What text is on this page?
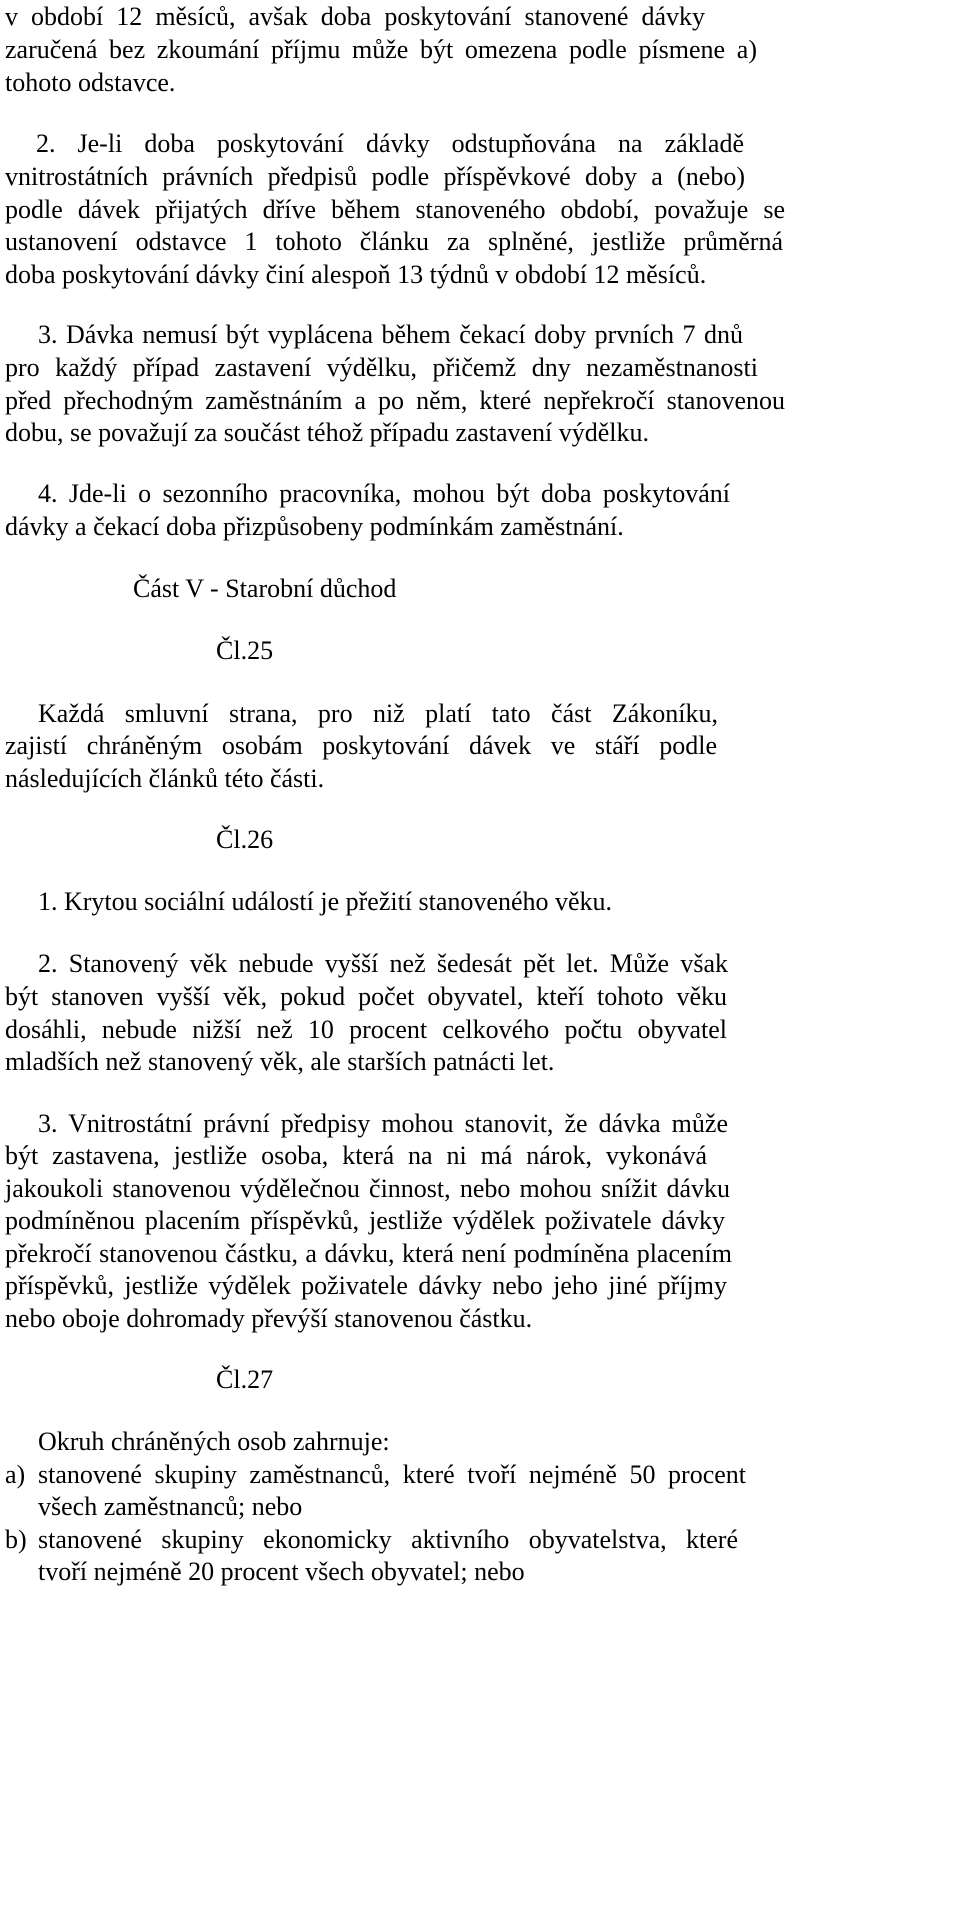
v období 12 měsíců, avšak doba poskytování stanovené dávky
zaručená bez zkoumání příjmu může být omezena podle písmene a)
tohoto odstavce.
2. Je-li doba poskytování dávky odstupňována na základě
vnitrostátních právních předpisů podle příspěvkové doby a (nebo)
podle dávek přijatých dříve během stanoveného období, považuje se
ustanovení odstavce 1 tohoto článku za splněné, jestliže průměrná
doba poskytování dávky činí alespoň 13 týdnů v období 12 měsíců.
3. Dávka nemusí být vyplácena během čekací doby prvních 7 dnů
pro každý případ zastavení výdělku, přičemž dny nezaměstnanosti
před přechodným zaměstnáním a po něm, které nepřekročí stanovenou
dobu, se považují za součást téhož případu zastavení výdělku.
4. Jde-li o sezonního pracovníka, mohou být doba poskytování
dávky a čekací doba přizpůsobeny podmínkám zaměstnání.
Část V - Starobní důchod
Čl.25
Každá smluvní strana, pro niž platí tato část Zákoníku,
zajistí chráněným osobám poskytování dávek ve stáří podle
následujících článků této části.
Čl.26
1. Krytou sociální událostí je přežití stanoveného věku.
2. Stanovený věk nebude vyšší než šedesát pět let. Může však
být stanoven vyšší věk, pokud počet obyvatel, kteří tohoto věku
dosáhli, nebude nižší než 10 procent celkového počtu obyvatel
mladších než stanovený věk, ale starších patnácti let.
3. Vnitrostátní právní předpisy mohou stanovit, že dávka může
být zastavena, jestliže osoba, která na ni má nárok, vykonává
jakoukoli stanovenou výdělečnou činnost, nebo mohou snížit dávku
podmíněnou placením příspěvků, jestliže výdělek poživatele dávky
překročí stanovenou částku, a dávku, která není podmíněna placením
příspěvků, jestliže výdělek poživatele dávky nebo jeho jiné příjmy
nebo oboje dohromady převýší stanovenou částku.
Čl.27
Okruh chráněných osob zahrnuje:
a) stanovené skupiny zaměstnanců, které tvoří nejméně 50 procent
všech zaměstnanců; nebo
b) stanovené skupiny ekonomicky aktivního obyvatelstva, které
tvoří nejméně 20 procent všech obyvatel; nebo
